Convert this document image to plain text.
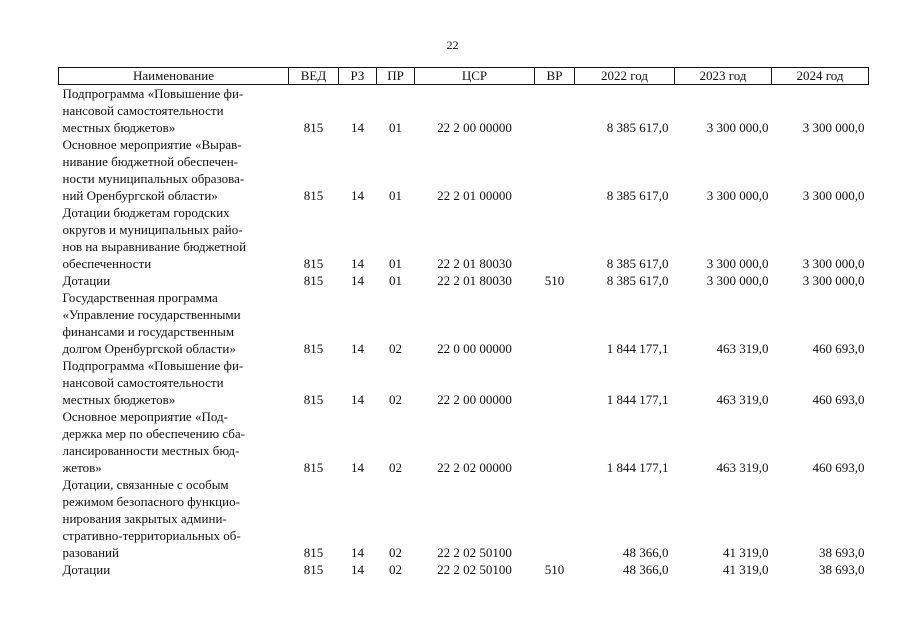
22
Наименование	ВЕД	РЗ	ПР	ЦСР	ВР	2022 год	2023 год	2024 год
Подпрограмма «Повышение фи-
нансовой самостоятельности
местных бюджетов»	815	14	01	22 2 00 00000		8 385 617,0	3 300 000,0	3 300 000,0
Основное мероприятие «Вырав-
нивание бюджетной обеспечен-
ности муниципальных образова-
ний Оренбургской области»	815	14	01	22 2 01 00000		8 385 617,0	3 300 000,0	3 300 000,0
Дотации бюджетам городских
округов и муниципальных райо-
нов на выравнивание бюджетной
обеспеченности	815	14	01	22 2 01 80030		8 385 617,0	3 300 000,0	3 300 000,0
Дотации	815	14	01	22 2 01 80030	510	8 385 617,0	3 300 000,0	3 300 000,0
Государственная программа
«Управление государственными
финансами и государственным
долгом Оренбургской области»	815	14	02	22 0 00 00000		1 844 177,1	463 319,0	460 693,0
Подпрограмма «Повышение фи-
нансовой самостоятельности
местных бюджетов»	815	14	02	22 2 00 00000		1 844 177,1	463 319,0	460 693,0
Основное мероприятие «Под-
держка мер по обеспечению сба-
лансированности местных бюд-
жетов»	815	14	02	22 2 02 00000		1 844 177,1	463 319,0	460 693,0
Дотации, связанные с особым
режимом безопасного функцио-
нирования закрытых админи-
стративно-территориальных об-
разований	815	14	02	22 2 02 50100		48 366,0	41 319,0	38 693,0
Дотации	815	14	02	22 2 02 50100	510	48 366,0	41 319,0	38 693,0
